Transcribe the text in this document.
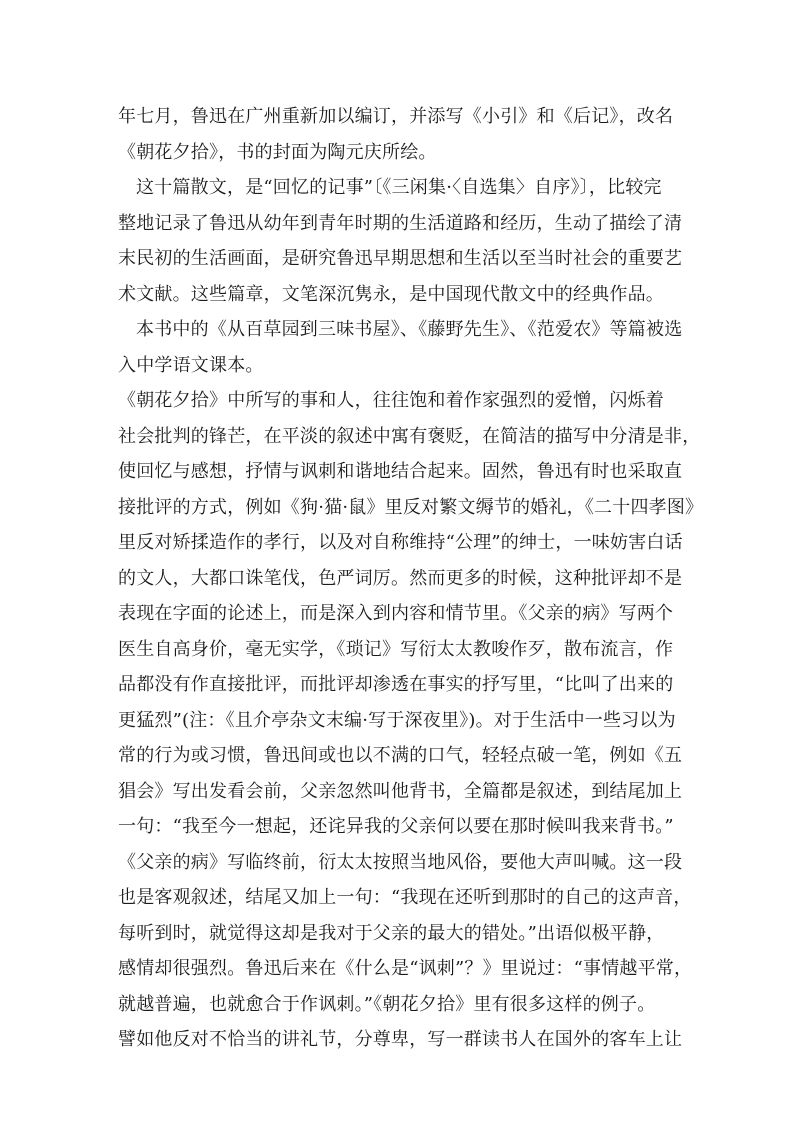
年七月，鲁迅在广州重新加以编订，并添写《小引》和《后记》，改名
《朝花夕拾》，书的封面为陶元庆所绘。
这十篇散文，是“回忆的记事”〔《三闲集·〈自选集〉自序》〕，比较完
整地记录了鲁迅从幼年到青年时期的生活道路和经历，生动了描绘了清
末民初的生活画面，是研究鲁迅早期思想和生活以至当时社会的重要艺
术文献。这些篇章，文笔深沉隽永，是中国现代散文中的经典作品。
本书中的《从百草园到三味书屋》、《藤野先生》、《范爱农》等篇被选
入中学语文课本。
《朝花夕拾》中所写的事和人，往往饱和着作家强烈的爱憎，闪烁着
社会批判的锋芒，在平淡的叙述中寓有褒贬，在简洁的描写中分清是非，
使回忆与感想，抒情与讽刺和谐地结合起来。固然，鲁迅有时也采取直
接批评的方式，例如《狗·猫·鼠》里反对繁文缛节的婚礼，《二十四孝图》
里反对矫揉造作的孝行，以及对自称维持“公理”的绅士，一味妨害白话
的文人，大都口诛笔伐，色严词厉。然而更多的时候，这种批评却不是
表现在字面的论述上，而是深入到内容和情节里。《父亲的病》写两个
医生自高身价，毫无实学，《琐记》写衍太太教唆作歹，散布流言，作
品都没有作直接批评，而批评却渗透在事实的抒写里，“比叫了出来的
更猛烈”(注：《且介亭杂文末编·写于深夜里》)。对于生活中一些习以为
常的行为或习惯，鲁迅间或也以不满的口气，轻轻点破一笔，例如《五
猖会》写出发看会前，父亲忽然叫他背书，全篇都是叙述，到结尾加上
一句：“我至今一想起，还诧异我的父亲何以要在那时候叫我来背书。”
《父亲的病》写临终前，衍太太按照当地风俗，要他大声叫喊。这一段
也是客观叙述，结尾又加上一句：“我现在还听到那时的自己的这声音，
每听到时，就觉得这却是我对于父亲的最大的错处。”出语似极平静，
感情却很强烈。鲁迅后来在《什么是“讽刺”？》里说过：“事情越平常，
就越普遍，也就愈合于作讽刺。”《朝花夕拾》里有很多这样的例子。
譬如他反对不恰当的讲礼节，分尊卑，写一群读书人在国外的客车上让
